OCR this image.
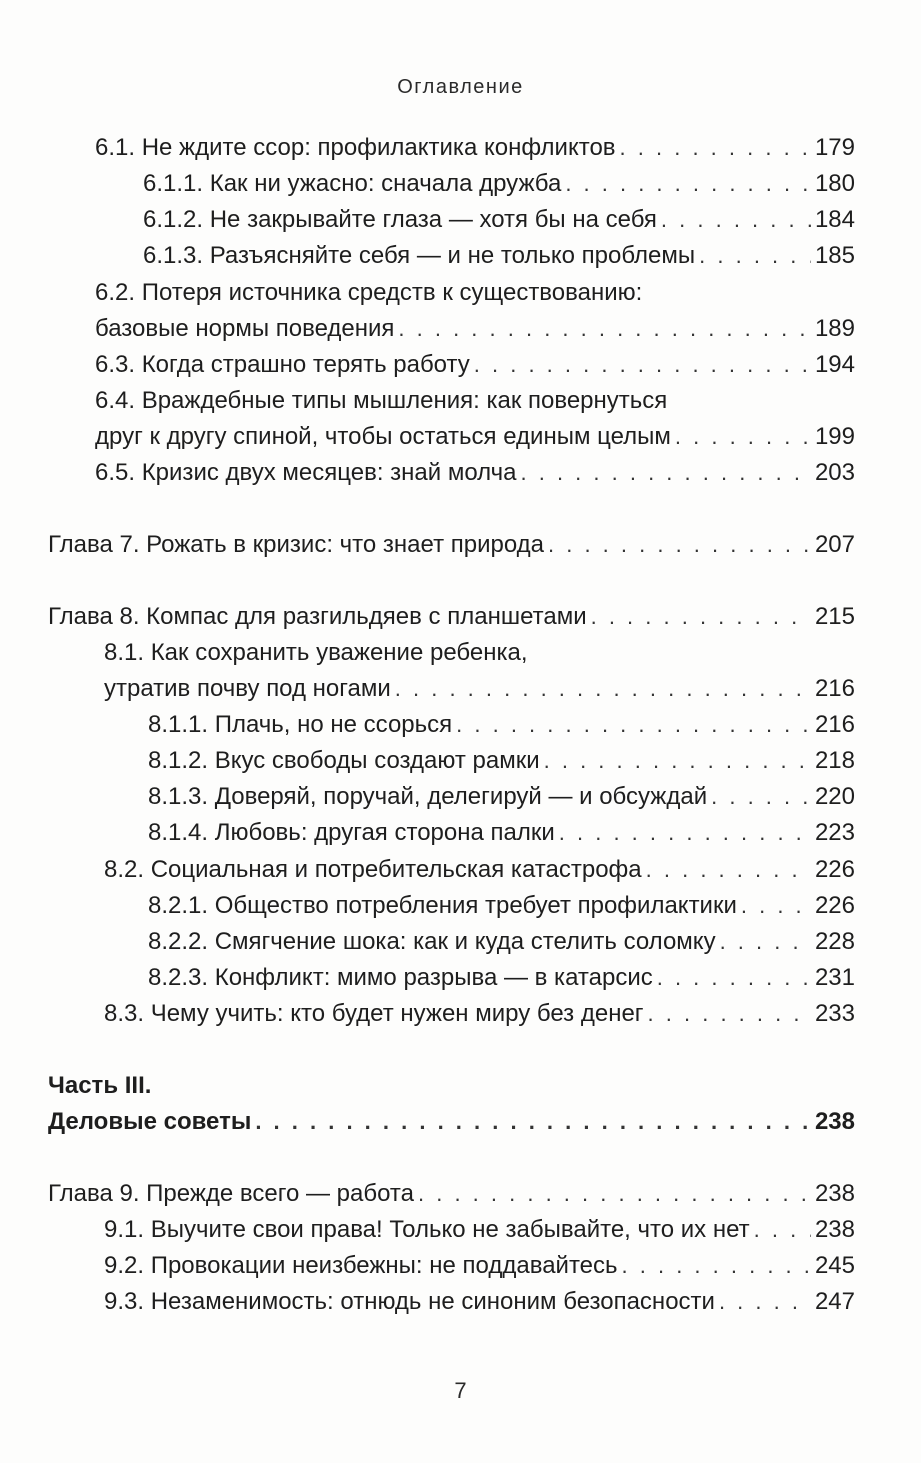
Оглавление
6.1. Не ждите ссор: профилактика конфликтов . . .	179
6.1.1. Как ни ужасно: сначала дружба . . .	180
6.1.2. Не закрывайте глаза — хотя бы на себя . . .	184
6.1.3. Разъясняйте себя — и не только проблемы . . .	185
6.2. Потеря источника средств к существованию:
базовые нормы поведения . . .	189
6.3. Когда страшно терять работу . . .	194
6.4. Враждебные типы мышления: как повернуться
друг к другу спиной, чтобы остаться единым целым . . .	199
6.5. Кризис двух месяцев: знай молча . . .	203
Глава 7. Рожать в кризис: что знает природа . . .	207
Глава 8. Компас для разгильдяев с планшетами . . .	215
8.1. Как сохранить уважение ребенка,
утратив почву под ногами . . .	216
8.1.1. Плачь, но не ссорься . . .	216
8.1.2. Вкус свободы создают рамки . . .	218
8.1.3. Доверяй, поручай, делегируй — и обсуждай . . .	220
8.1.4. Любовь: другая сторона палки . . .	223
8.2. Социальная и потребительская катастрофа . . .	226
8.2.1. Общество потребления требует профилактики . . .	226
8.2.2. Смягчение шока: как и куда стелить соломку . . .	228
8.2.3. Конфликт: мимо разрыва — в катарсис . . .	231
8.3. Чему учить: кто будет нужен миру без денег . . .	233
Часть III.
Деловые советы . . .	238
Глава 9. Прежде всего — работа . . .	238
9.1. Выучите свои права! Только не забывайте, что их нет . . .	238
9.2. Провокации неизбежны: не поддавайтесь . . .	245
9.3. Незаменимость: отнюдь не синоним безопасности . . .	247
7
